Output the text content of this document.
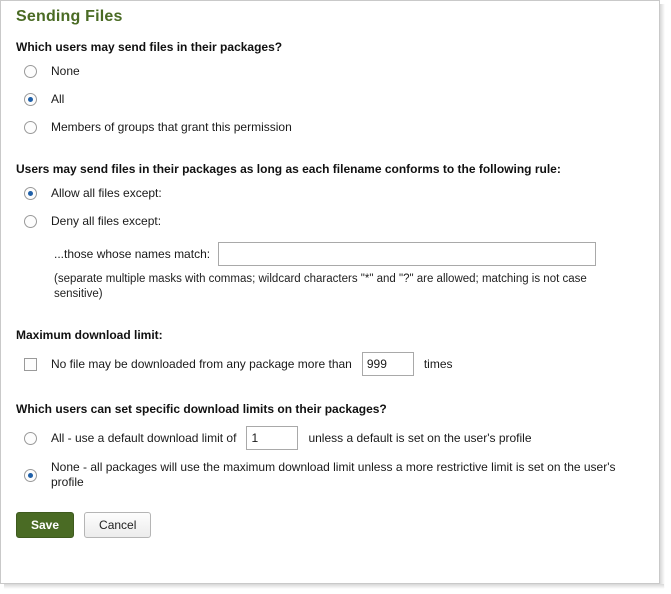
Sending Files
Which users may send files in their packages?
None
All
Members of groups that grant this permission
Users may send files in their packages as long as each filename conforms to the following rule:
Allow all files except:
Deny all files except:
...those whose names match:
(separate multiple masks with commas; wildcard characters "*" and "?" are allowed; matching is not case sensitive)
Maximum download limit:
No file may be downloaded from any package more than
999	times
Which users can set specific download limits on their packages?
All - use a default download limit of
1	unless a default is set on the user's profile
None - all packages will use the maximum download limit unless a more restrictive limit is set on the user's profile
Save	Cancel
